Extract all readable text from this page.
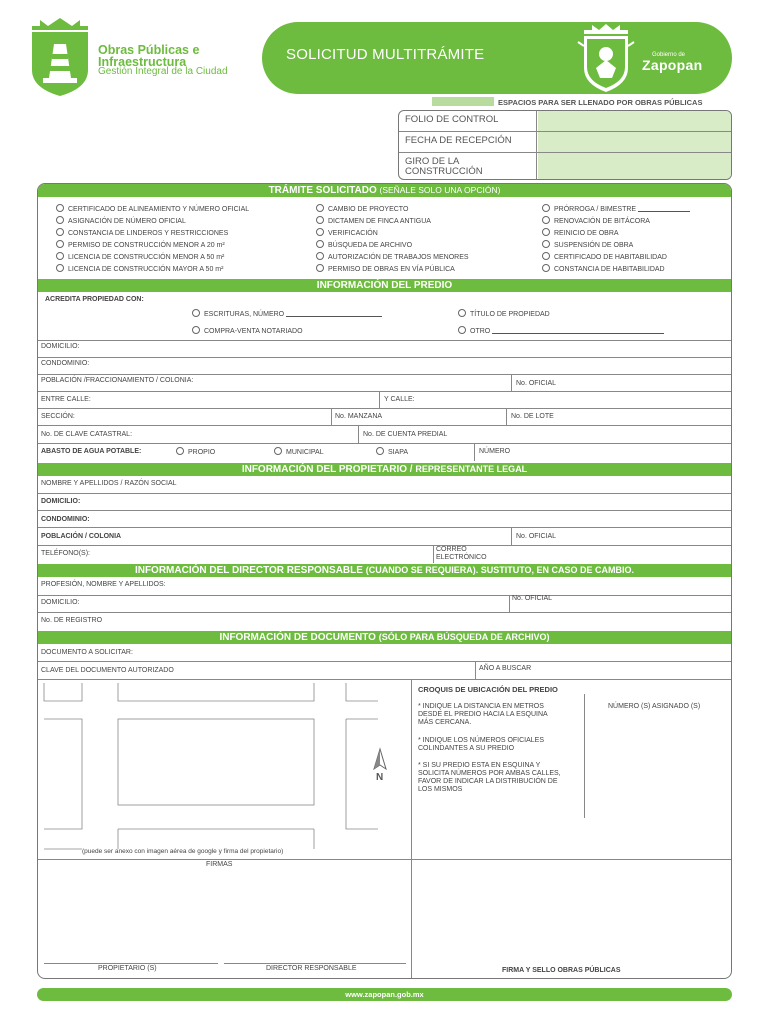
Obras Públicas e
Infraestructura
Gestión Integral de la Ciudad
SOLICITUD MULTITRÁMITE	Gobierno de
Zapopan
ESPACIOS PARA SER LLENADO POR OBRAS PÚBLICAS
FOLIO DE CONTROL
FECHA DE RECEPCIÓN
GIRO DE LA
CONSTRUCCIÓN
TRÁMITE SOLICITADO (SEÑALE SOLO UNA OPCIÓN)
CERTIFICADO DE ALINEAMIENTO Y NÚMERO OFICIAL
ASIGNACIÓN DE NÚMERO OFICIAL
CONSTANCIA DE LINDEROS Y RESTRICCIONES
PERMISO DE CONSTRUCCIÓN MENOR A 20 m²
LICENCIA DE CONSTRUCCIÓN MENOR A 50 m²
LICENCIA DE CONSTRUCCIÓN MAYOR A 50 m²
CAMBIO DE PROYECTO
DICTAMEN DE FINCA ANTIGUA
VERIFICACIÓN
BÚSQUEDA DE ARCHIVO
AUTORIZACIÓN DE TRABAJOS MENORES
PERMISO DE OBRAS EN VÍA PÚBLICA
PRÓRROGA / BIMESTRE
RENOVACIÓN DE BITÁCORA
REINICIO DE OBRA
SUSPENSIÓN DE OBRA
CERTIFICADO DE HABITABILIDAD
CONSTANCIA DE HABITABILIDAD
INFORMACIÓN DEL PREDIO
ACREDITA PROPIEDAD CON:
ESCRITURAS, NÚMERO	TÍTULO DE PROPIEDAD
COMPRA-VENTA NOTARIADO	OTRO
DOMICILIO:
CONDOMINIO:
POBLACIÓN /FRACCIONAMIENTO / COLONIA:	No. OFICIAL
ENTRE CALLE:	Y CALLE:
SECCIÓN:	No. MANZANA	No. DE LOTE
No. DE CLAVE CATASTRAL:	No. DE CUENTA PREDIAL
ABASTO DE AGUA POTABLE:	PROPIO	MUNICIPAL	SIAPA	NÚMERO
INFORMACIÓN DEL PROPIETARIO / REPRESENTANTE LEGAL
NOMBRE Y APELLIDOS / RAZÓN SOCIAL
DOMICILIO:
CONDOMINIO:
POBLACIÓN / COLONIA	No. OFICIAL
TELÉFONO(S):
CORREO
ELECTRÓNICO
INFORMACIÓN DEL DIRECTOR RESPONSABLE (CUANDO SE REQUIERA). SUSTITUTO, EN CASO DE CAMBIO.
PROFESIÓN, NOMBRE Y APELLIDOS:
DOMICILIO:
No. OFICIAL
No. DE REGISTRO
INFORMACIÓN DE DOCUMENTO (SÓLO PARA BÚSQUEDA DE ARCHIVO)
DOCUMENTO A SOLICITAR:
CLAVE DEL DOCUMENTO AUTORIZADO	AÑO A BUSCAR
N
(puede ser anexo con imagen aérea de google y firma del propietario)
CROQUIS DE UBICACIÓN DEL PREDIO
* INDIQUE LA DISTANCIA EN METROS
DESDE EL PREDIO HACIA LA ESQUINA
MÁS CERCANA.
* INDIQUE LOS NÚMEROS OFICIALES
COLINDANTES A SU PREDIO
* SI SU PREDIO ESTA EN ESQUINA Y
SOLICITA NÚMEROS POR AMBAS CALLES,
FAVOR DE INDICAR LA DISTRIBUCIÓN DE
LOS MISMOS
NÚMERO (S) ASIGNADO (S)
FIRMAS
PROPIETARIO (S)	DIRECTOR RESPONSABLE	FIRMA Y SELLO OBRAS PÚBLICAS
www.zapopan.gob.mx
